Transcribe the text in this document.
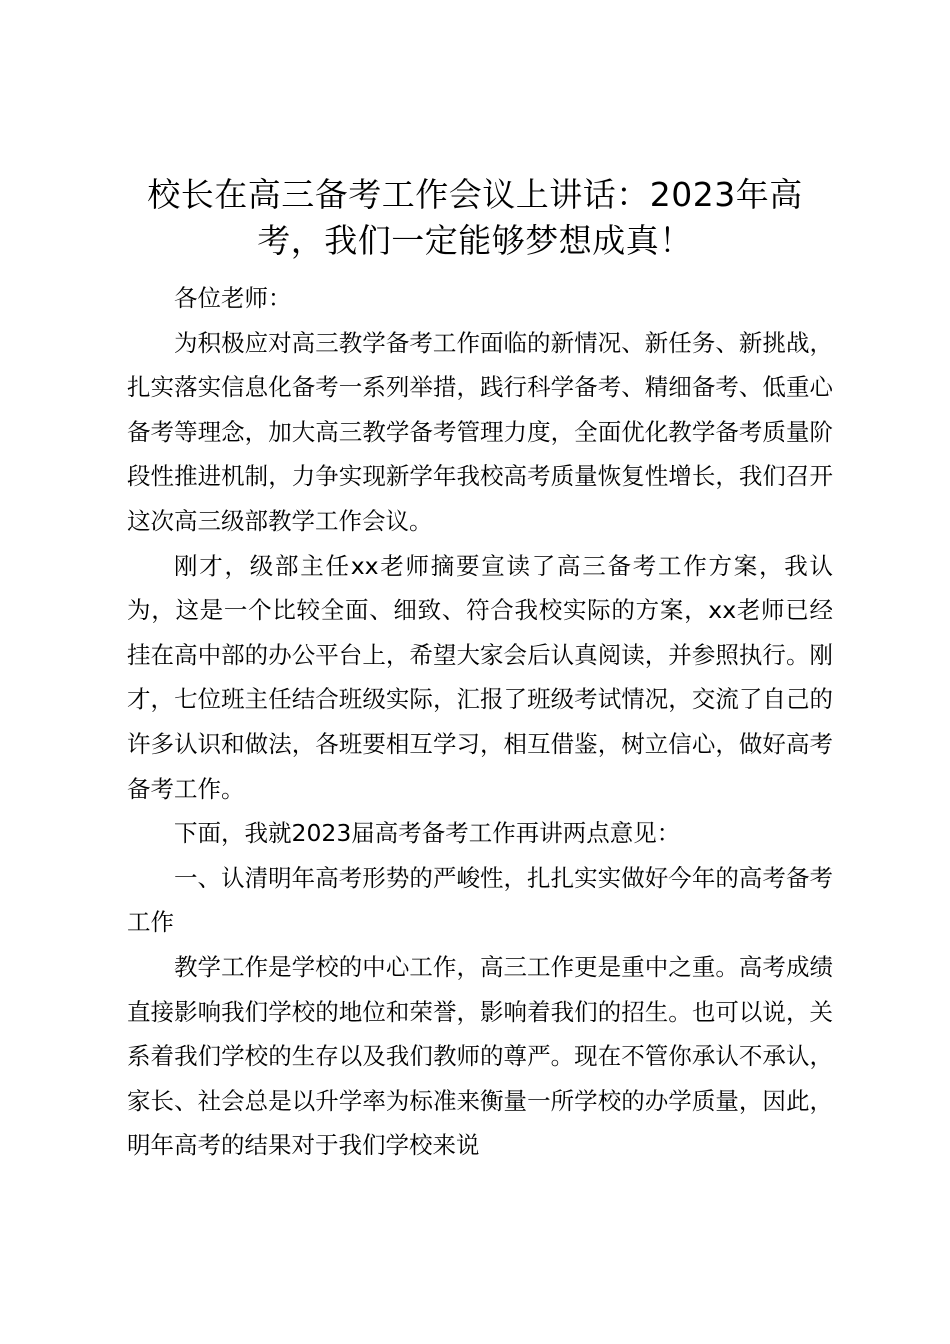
校长在高三备考工作会议上讲话：2023年高考，我们一定能够梦想成真！

各位老师：

为积极应对高三教学备考工作面临的新情况、新任务、新挑战，扎实落实信息化备考一系列举措，践行科学备考、精细备考、低重心备考等理念，加大高三教学备考管理力度，全面优化教学备考质量阶段性推进机制，力争实现新学年我校高考质量恢复性增长，我们召开这次高三级部教学工作会议。

刚才，级部主任xx老师摘要宣读了高三备考工作方案，我认为，这是一个比较全面、细致、符合我校实际的方案，xx老师已经挂在高中部的办公平台上，希望大家会后认真阅读，并参照执行。刚才，七位班主任结合班级实际，汇报了班级考试情况，交流了自己的许多认识和做法，各班要相互学习，相互借鉴，树立信心，做好高考备考工作。

下面，我就2023届高考备考工作再讲两点意见：

一、认清明年高考形势的严峻性，扎扎实实做好今年的高考备考工作

教学工作是学校的中心工作，高三工作更是重中之重。高考成绩直接影响我们学校的地位和荣誉，影响着我们的招生。也可以说，关系着我们学校的生存以及我们教师的尊严。现在不管你承认不承认，家长、社会总是以升学率为标准来衡量一所学校的办学质量，因此，明年高考的结果对于我们学校来说
